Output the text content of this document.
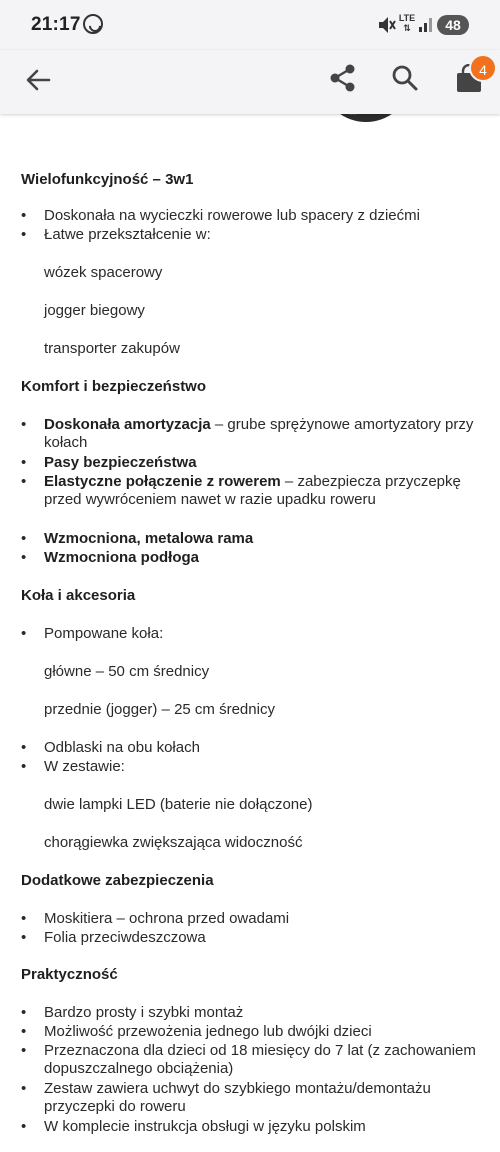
21:17	LTE
⇅	48
4
Wielofunkcyjność – 3w1
• Doskonała na wycieczki rowerowe lub spacery z dziećmi
• Łatwe przekształcenie w:
wózek spacerowy
jogger biegowy
transporter zakupów
Komfort i bezpieczeństwo
• Doskonała amortyzacja – grube sprężynowe amortyzatory przy kołach
• Pasy bezpieczeństwa
• Elastyczne połączenie z rowerem – zabezpiecza przyczepkę przed wywróceniem nawet w razie upadku roweru
• Wzmocniona, metalowa rama
• Wzmocniona podłoga
Koła i akcesoria
• Pompowane koła:
główne – 50 cm średnicy
przednie (jogger) – 25 cm średnicy
• Odblaski na obu kołach
• W zestawie:
dwie lampki LED (baterie nie dołączone)
chorągiewka zwiększająca widoczność
Dodatkowe zabezpieczenia
• Moskitiera – ochrona przed owadami
• Folia przeciwdeszczowa
Praktyczność
• Bardzo prosty i szybki montaż
• Możliwość przewożenia jednego lub dwójki dzieci
• Przeznaczona dla dzieci od 18 miesięcy do 7 lat (z zachowaniem dopuszczalnego obciążenia)
• Zestaw zawiera uchwyt do szybkiego montażu/demontażu przyczepki do roweru
• W komplecie instrukcja obsługi w języku polskim
